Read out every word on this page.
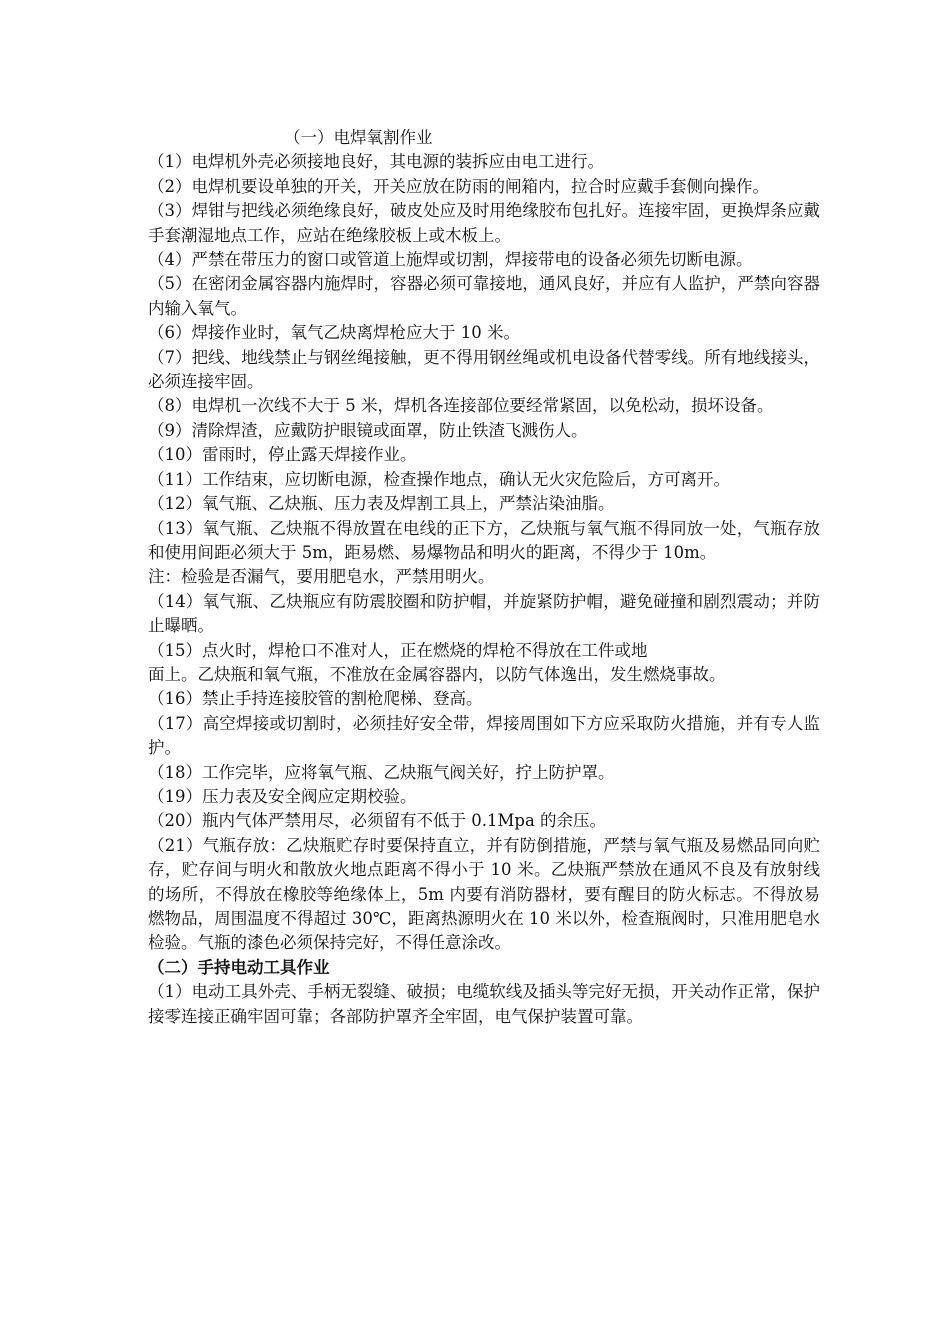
（一）电焊氧割作业

（1）电焊机外壳必须接地良好，其电源的装拆应由电工进行。

（2）电焊机要设单独的开关，开关应放在防雨的闸箱内，拉合时应戴手套侧向操作。

（3）焊钳与把线必须绝缘良好，破皮处应及时用绝缘胶布包扎好。连接牢固，更换焊条应戴手套潮湿地点工作，应站在绝缘胶板上或木板上。

（4）严禁在带压力的窗口或管道上施焊或切割，焊接带电的设备必须先切断电源。

（5）在密闭金属容器内施焊时，容器必须可靠接地，通风良好，并应有人监护，严禁向容器内输入氧气。

（6）焊接作业时，氧气乙炔离焊枪应大于 10 米。

（7）把线、地线禁止与钢丝绳接触，更不得用钢丝绳或机电设备代替零线。所有地线接头，必须连接牢固。

（8）电焊机一次线不大于 5 米，焊机各连接部位要经常紧固，以免松动，损坏设备。

（9）清除焊渣，应戴防护眼镜或面罩，防止铁渣飞溅伤人。

（10）雷雨时，停止露天焊接作业。

（11）工作结束，应切断电源，检查操作地点，确认无火灾危险后，方可离开。

（12）氧气瓶、乙炔瓶、压力表及焊割工具上，严禁沾染油脂。

（13）氧气瓶、乙炔瓶不得放置在电线的正下方，乙炔瓶与氧气瓶不得同放一处，气瓶存放和使用间距必须大于 5m，距易燃、易爆物品和明火的距离，不得少于 10m。

注：检验是否漏气，要用肥皂水，严禁用明火。

（14）氧气瓶、乙炔瓶应有防震胶圈和防护帽，并旋紧防护帽，避免碰撞和剧烈震动；并防止曝晒。

（15）点火时，焊枪口不准对人，正在燃烧的焊枪不得放在工件或地

面上。乙炔瓶和氧气瓶，不准放在金属容器内，以防气体逸出，发生燃烧事故。

（16）禁止手持连接胶管的割枪爬梯、登高。

（17）高空焊接或切割时，必须挂好安全带，焊接周围如下方应采取防火措施，并有专人监护。

（18）工作完毕，应将氧气瓶、乙炔瓶气阀关好，拧上防护罩。

（19）压力表及安全阀应定期校验。

（20）瓶内气体严禁用尽，必须留有不低于 0.1Mpa 的余压。

（21）气瓶存放：乙炔瓶贮存时要保持直立，并有防倒措施，严禁与氧气瓶及易燃品同向贮存，贮存间与明火和散放火地点距离不得小于 10 米。乙炔瓶严禁放在通风不良及有放射线的场所，不得放在橡胶等绝缘体上，5m 内要有消防器材，要有醒目的防火标志。不得放易燃物品，周围温度不得超过 30℃，距离热源明火在 10 米以外，检查瓶阀时，只准用肥皂水检验。气瓶的漆色必须保持完好，不得任意涂改。

（二）手持电动工具作业

（1）电动工具外壳、手柄无裂缝、破损；电缆软线及插头等完好无损，开关动作正常，保护接零连接正确牢固可靠；各部防护罩齐全牢固，电气保护装置可靠。
